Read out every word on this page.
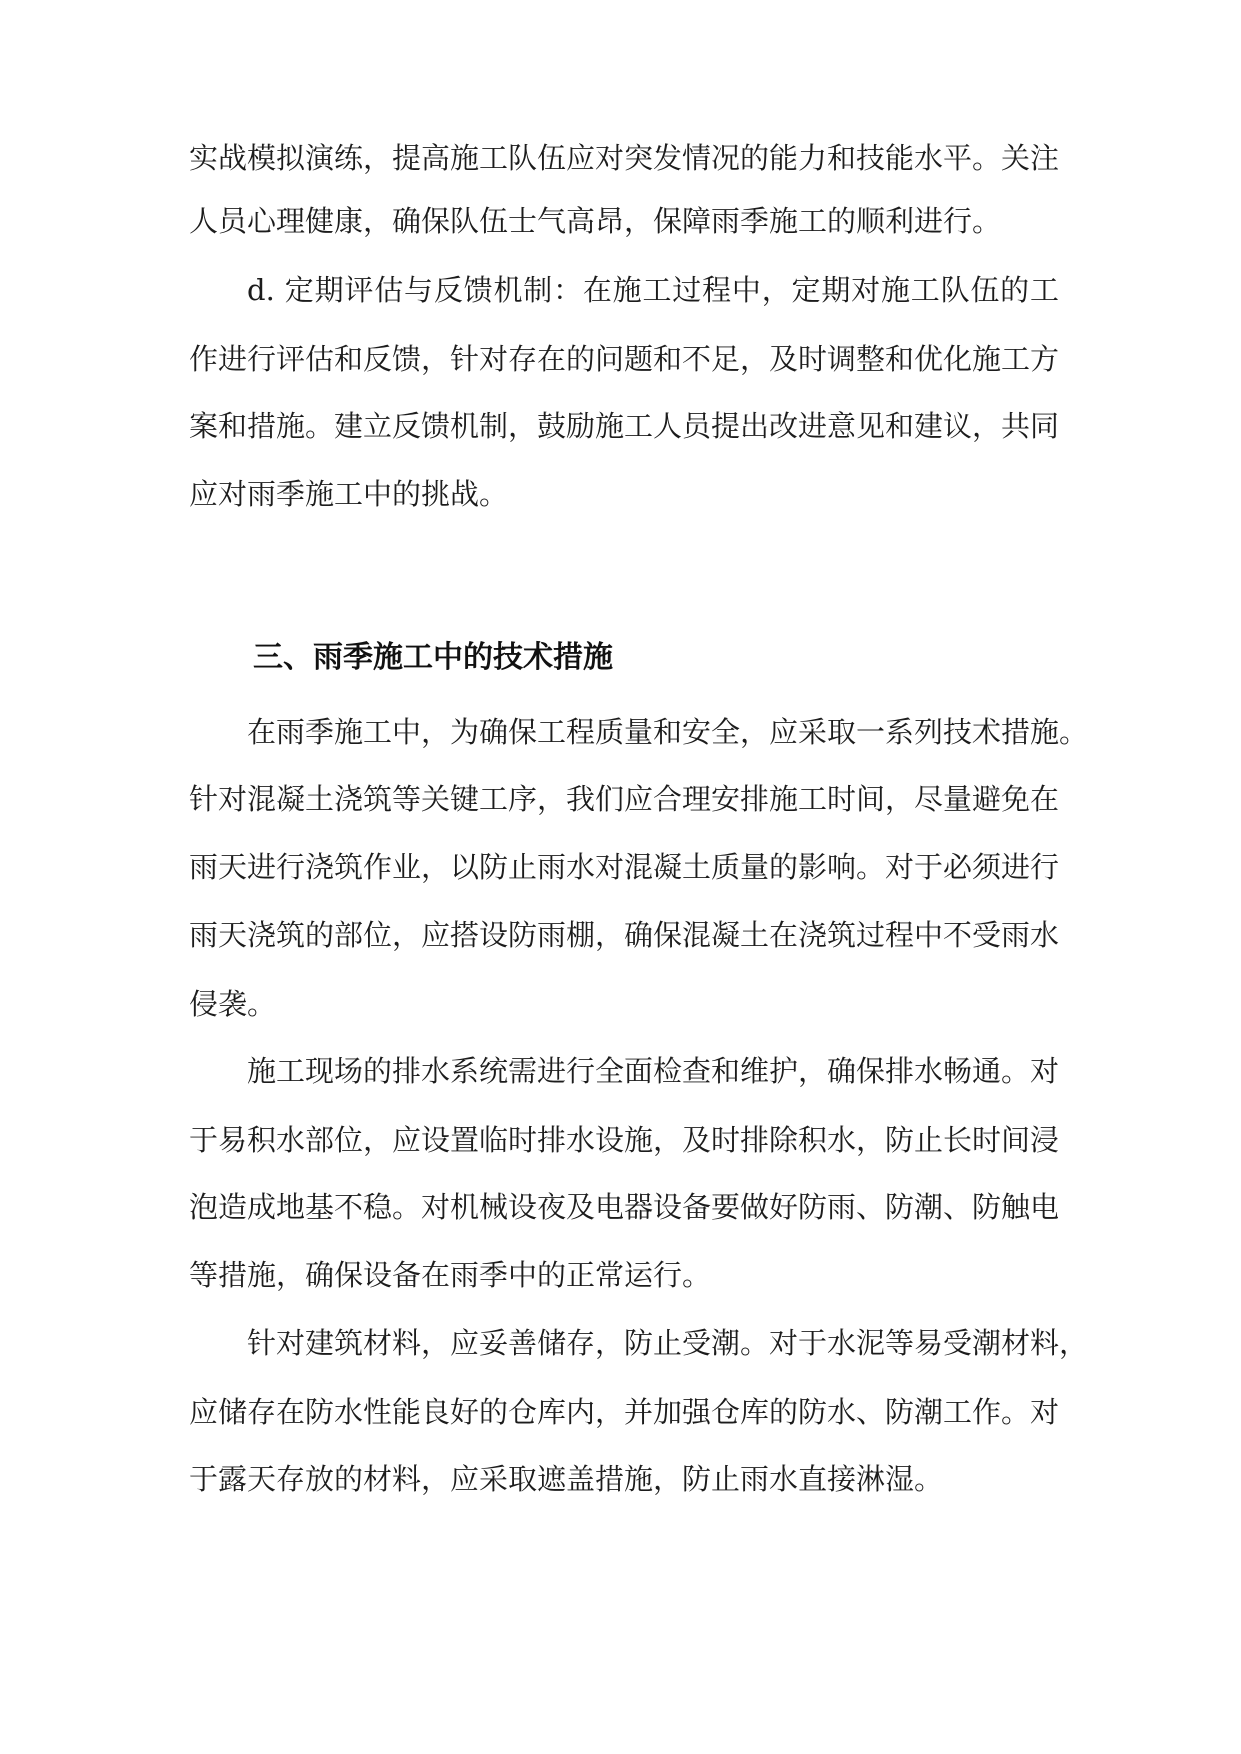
实战模拟演练，提高施工队伍应对突发情况的能力和技能水平。关注
人员心理健康，确保队伍士气高昂，保障雨季施工的顺利进行。
d. 定期评估与反馈机制：在施工过程中，定期对施工队伍的工
作进行评估和反馈，针对存在的问题和不足，及时调整和优化施工方
案和措施。建立反馈机制，鼓励施工人员提出改进意见和建议，共同
应对雨季施工中的挑战。
三、雨季施工中的技术措施
在雨季施工中，为确保工程质量和安全，应采取一系列技术措施。
针对混凝土浇筑等关键工序，我们应合理安排施工时间，尽量避免在
雨天进行浇筑作业，以防止雨水对混凝土质量的影响。对于必须进行
雨天浇筑的部位，应搭设防雨棚，确保混凝土在浇筑过程中不受雨水
侵袭。
施工现场的排水系统需进行全面检查和维护，确保排水畅通。对
于易积水部位，应设置临时排水设施，及时排除积水，防止长时间浸
泡造成地基不稳。对机械设夜及电器设备要做好防雨、防潮、防触电
等措施，确保设备在雨季中的正常运行。
针对建筑材料，应妥善储存，防止受潮。对于水泥等易受潮材料，
应储存在防水性能良好的仓库内，并加强仓库的防水、防潮工作。对
于露天存放的材料，应采取遮盖措施，防止雨水直接淋湿。
